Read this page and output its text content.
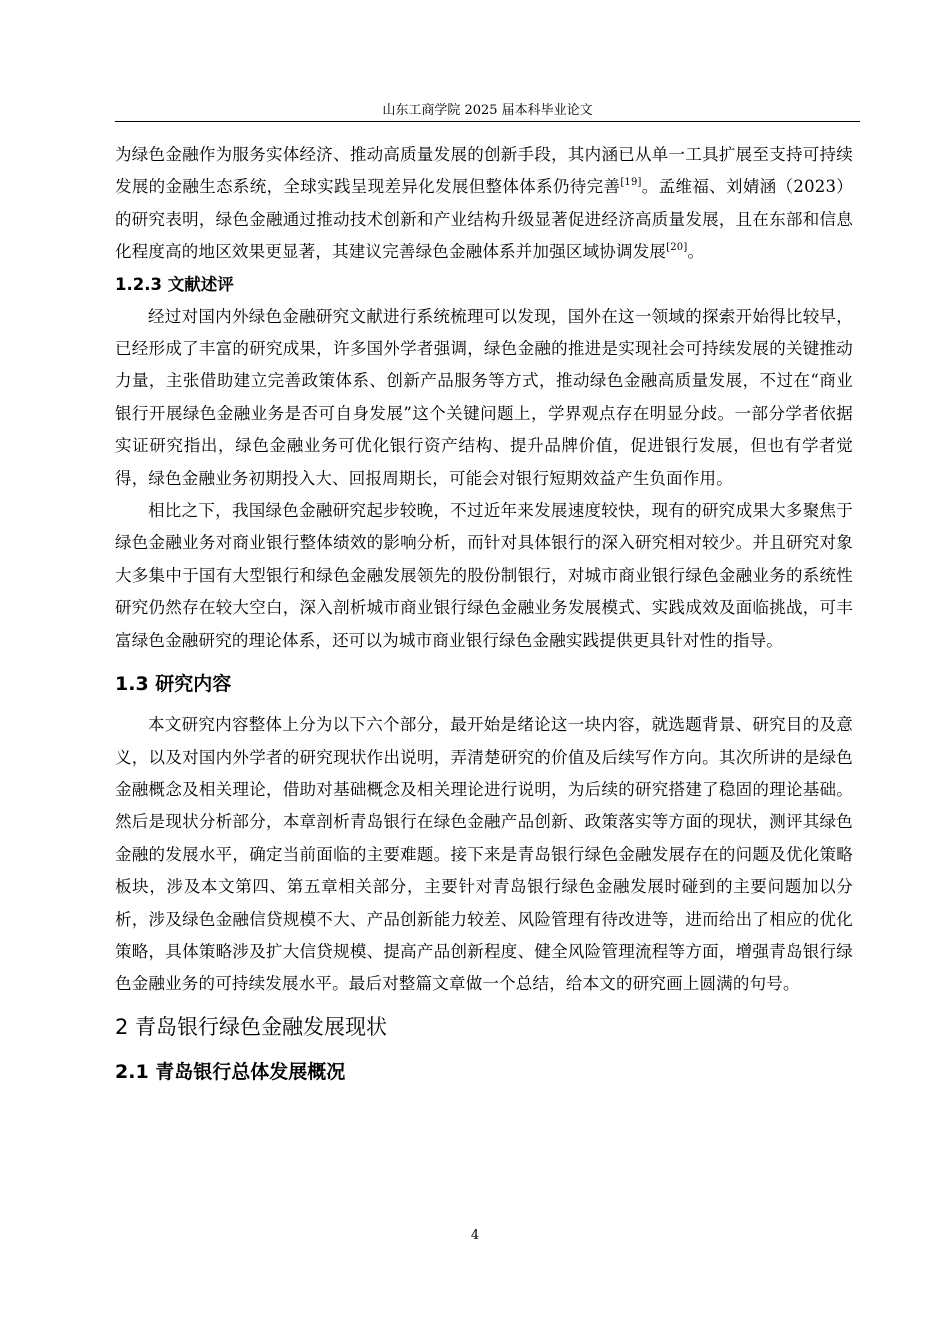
山东工商学院 2025 届本科毕业论文

为绿色金融作为服务实体经济、推动高质量发展的创新手段，其内涵已从单一工具扩展至支持可持续发展的金融生态系统，全球实践呈现差异化发展但整体体系仍待完善[19]。孟维福、刘婧涵（2023）的研究表明，绿色金融通过推动技术创新和产业结构升级显著促进经济高质量发展，且在东部和信息化程度高的地区效果更显著，其建议完善绿色金融体系并加强区域协调发展[20]。

1.2.3 文献述评

经过对国内外绿色金融研究文献进行系统梳理可以发现，国外在这一领域的探索开始得比较早，已经形成了丰富的研究成果，许多国外学者强调，绿色金融的推进是实现社会可持续发展的关键推动力量，主张借助建立完善政策体系、创新产品服务等方式，推动绿色金融高质量发展，不过在“商业银行开展绿色金融业务是否可自身发展”这个关键问题上，学界观点存在明显分歧。一部分学者依据实证研究指出，绿色金融业务可优化银行资产结构、提升品牌价值，促进银行发展，但也有学者觉得，绿色金融业务初期投入大、回报周期长，可能会对银行短期效益产生负面作用。

相比之下，我国绿色金融研究起步较晚，不过近年来发展速度较快，现有的研究成果大多聚焦于绿色金融业务对商业银行整体绩效的影响分析，而针对具体银行的深入研究相对较少。并且研究对象大多集中于国有大型银行和绿色金融发展领先的股份制银行，对城市商业银行绿色金融业务的系统性研究仍然存在较大空白，深入剖析城市商业银行绿色金融业务发展模式、实践成效及面临挑战，可丰富绿色金融研究的理论体系，还可以为城市商业银行绿色金融实践提供更具针对性的指导。

1.3 研究内容

本文研究内容整体上分为以下六个部分，最开始是绪论这一块内容，就选题背景、研究目的及意义，以及对国内外学者的研究现状作出说明，弄清楚研究的价值及后续写作方向。其次所讲的是绿色金融概念及相关理论，借助对基础概念及相关理论进行说明，为后续的研究搭建了稳固的理论基础。然后是现状分析部分，本章剖析青岛银行在绿色金融产品创新、政策落实等方面的现状，测评其绿色金融的发展水平，确定当前面临的主要难题。接下来是青岛银行绿色金融发展存在的问题及优化策略板块，涉及本文第四、第五章相关部分，主要针对青岛银行绿色金融发展时碰到的主要问题加以分析，涉及绿色金融信贷规模不大、产品创新能力较差、风险管理有待改进等，进而给出了相应的优化策略，具体策略涉及扩大信贷规模、提高产品创新程度、健全风险管理流程等方面，增强青岛银行绿色金融业务的可持续发展水平。最后对整篇文章做一个总结，给本文的研究画上圆满的句号。

2 青岛银行绿色金融发展现状

2.1 青岛银行总体发展概况

4
